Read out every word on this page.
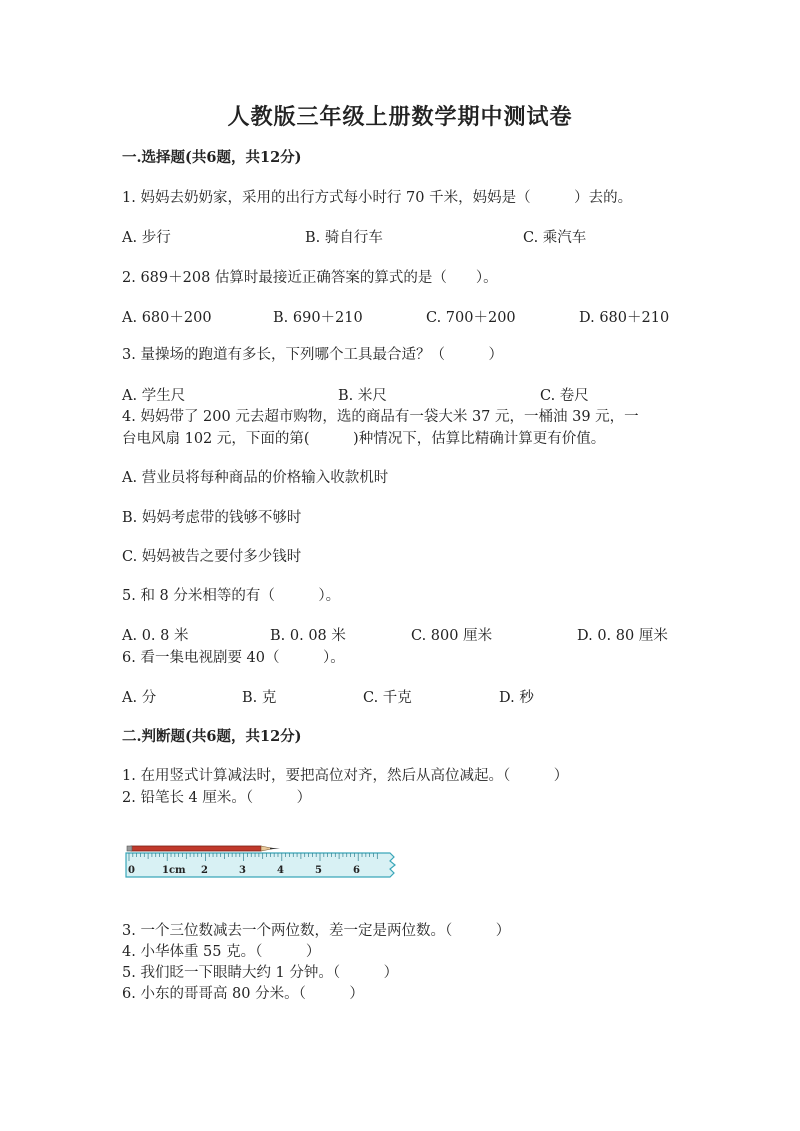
人教版三年级上册数学期中测试卷
一.选择题(共6题，共12分)
1. 妈妈去奶奶家，采用的出行方式每小时行 70 千米，妈妈是（　　　）去的。
A. 步行	B. 骑自行车	C. 乘汽车
2. 689＋208 估算时最接近正确答案的算式的是（　　）。
A. 680＋200	B. 690＋210	C. 700＋200	D. 680＋210
3. 量操场的跑道有多长，下列哪个工具最合适？（　　　）
A. 学生尺	B. 米尺	C. 卷尺
4. 妈妈带了 200 元去超市购物，选的商品有一袋大米 37 元，一桶油 39 元，一
台电风扇 102 元，下面的第(　　　)种情况下，估算比精确计算更有价值。
A. 营业员将每种商品的价格输入收款机时
B. 妈妈考虑带的钱够不够时
C. 妈妈被告之要付多少钱时
5. 和 8 分米相等的有（　　　）。
A. 0. 8 米	B. 0. 08 米	C. 800 厘米	D. 0. 80 厘米
6. 看一集电视剧要 40（　　　）。
A. 分	B. 克	C. 千克	D. 秒
二.判断题(共6题，共12分)
1. 在用竖式计算减法时，要把高位对齐，然后从高位减起。（　　　）
2. 铅笔长 4 厘米。（　　　）
0	1cm 2	3	4	5	6
3. 一个三位数减去一个两位数，差一定是两位数。（　　　）
4. 小华体重 55 克。（　　　）
5. 我们眨一下眼睛大约 1 分钟。（　　　）
6. 小东的哥哥高 80 分米。（　　　）
